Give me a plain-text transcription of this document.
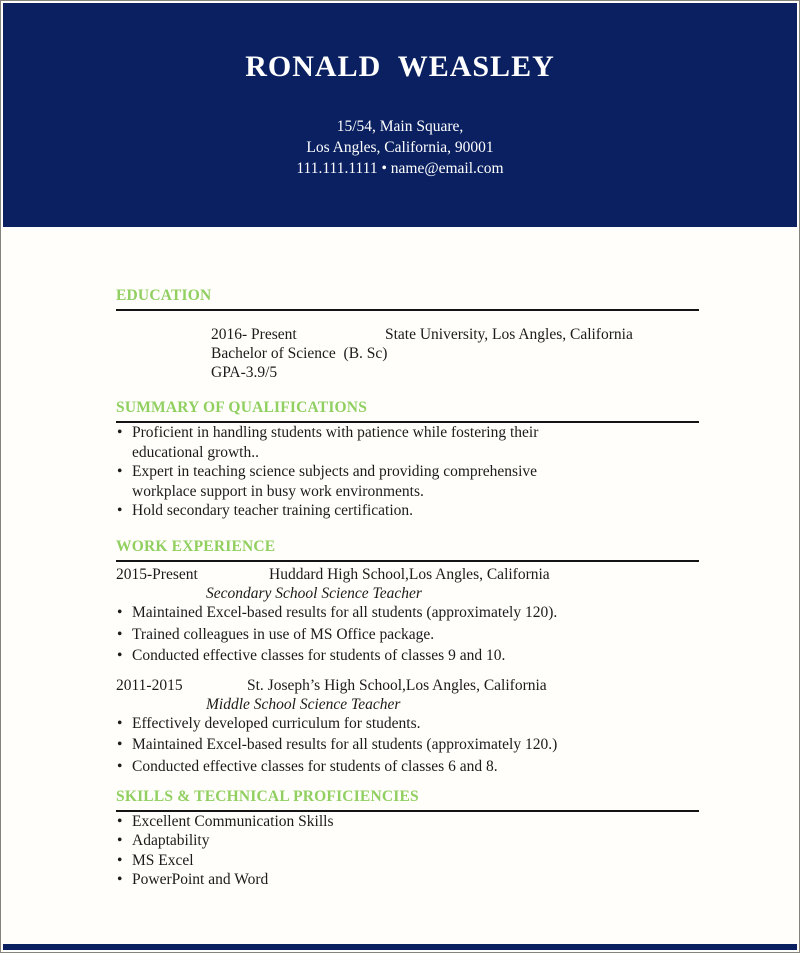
RONALD  WEASLEY
15/54, Main Square,
Los Angles, California, 90001
111.111.1111 • name@email.com
EDUCATION
2016- Present	State University, Los Angles, California
Bachelor of Science  (B. Sc)
GPA-3.9/5
SUMMARY OF QUALIFICATIONS
• Proficient in handling students with patience while fostering their educational growth..
• Expert in teaching science subjects and providing comprehensive workplace support in busy work environments.
• Hold secondary teacher training certification.
WORK EXPERIENCE
2015-Present	Huddard High School,Los Angles, California
Secondary School Science Teacher
• Maintained Excel-based results for all students (approximately 120).
• Trained colleagues in use of MS Office package.
• Conducted effective classes for students of classes 9 and 10.
2011-2015	St. Joseph’s High School,Los Angles, California
Middle School Science Teacher
• Effectively developed curriculum for students.
• Maintained Excel-based results for all students (approximately 120.)
• Conducted effective classes for students of classes 6 and 8.
SKILLS & TECHNICAL PROFICIENCIES
• Excellent Communication Skills
• Adaptability
• MS Excel
• PowerPoint and Word
